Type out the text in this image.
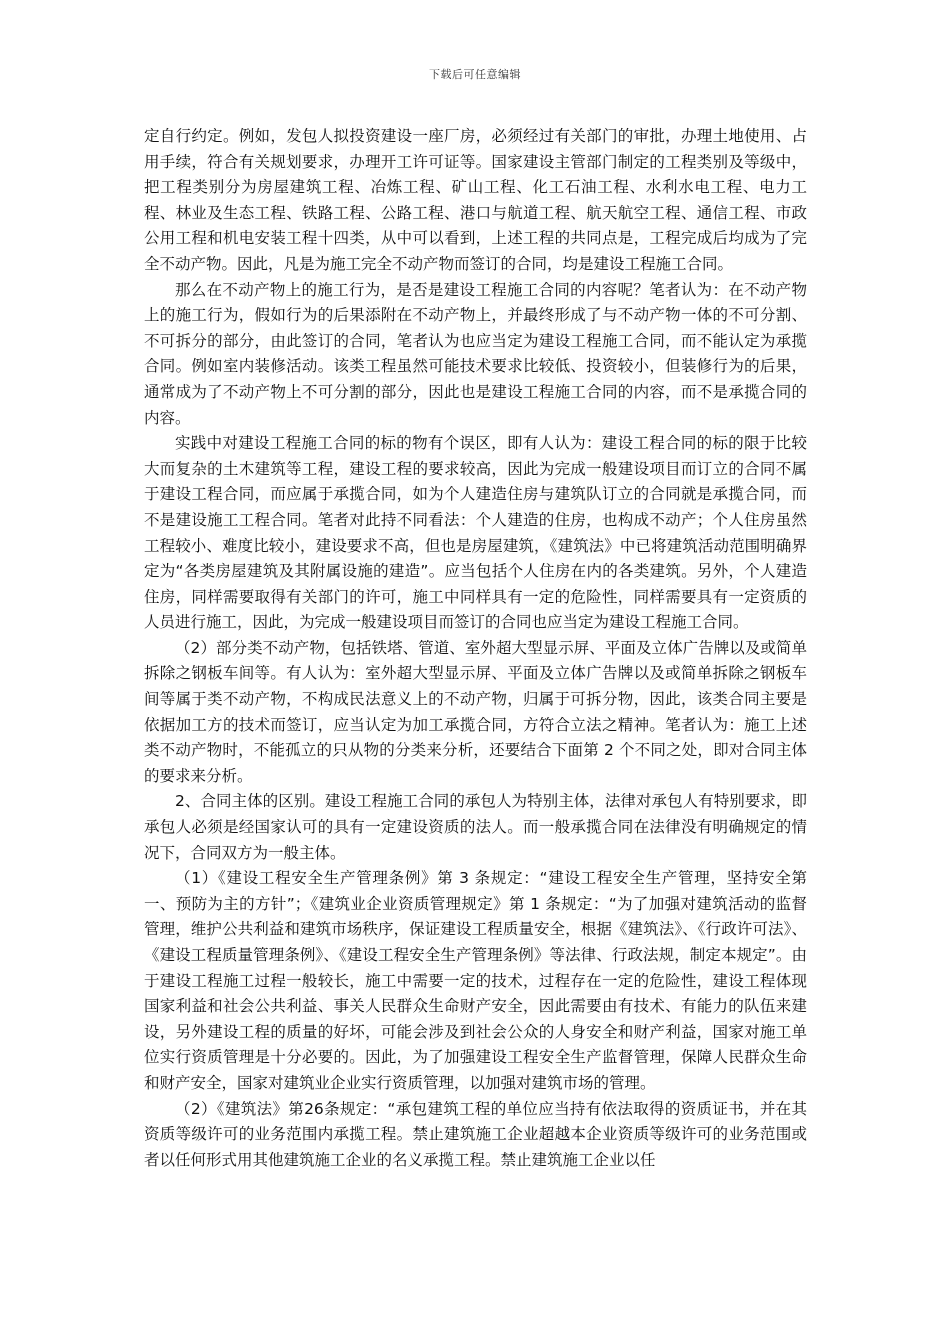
下载后可任意编辑

定自行约定。例如，发包人拟投资建设一座厂房，必须经过有关部门的审批，办理土地使用、占用手续，符合有关规划要求，办理开工许可证等。国家建设主管部门制定的工程类别及等级中，把工程类别分为房屋建筑工程、冶炼工程、矿山工程、化工石油工程、水利水电工程、电力工程、林业及生态工程、铁路工程、公路工程、港口与航道工程、航天航空工程、通信工程、市政公用工程和机电安装工程十四类，从中可以看到，上述工程的共同点是，工程完成后均成为了完全不动产物。因此，凡是为施工完全不动产物而签订的合同，均是建设工程施工合同。

那么在不动产物上的施工行为，是否是建设工程施工合同的内容呢？笔者认为：在不动产物上的施工行为，假如行为的后果添附在不动产物上，并最终形成了与不动产物一体的不可分割、不可拆分的部分，由此签订的合同，笔者认为也应当定为建设工程施工合同，而不能认定为承揽合同。例如室内装修活动。该类工程虽然可能技术要求比较低、投资较小，但装修行为的后果，通常成为了不动产物上不可分割的部分，因此也是建设工程施工合同的内容，而不是承揽合同的内容。

实践中对建设工程施工合同的标的物有个误区，即有人认为：建设工程合同的标的限于比较大而复杂的土木建筑等工程，建设工程的要求较高，因此为完成一般建设项目而订立的合同不属于建设工程合同，而应属于承揽合同，如为个人建造住房与建筑队订立的合同就是承揽合同，而不是建设施工工程合同。笔者对此持不同看法：个人建造的住房，也构成不动产；个人住房虽然工程较小、难度比较小，建设要求不高，但也是房屋建筑，《建筑法》中已将建筑活动范围明确界定为“各类房屋建筑及其附属设施的建造”。应当包括个人住房在内的各类建筑。另外，个人建造住房，同样需要取得有关部门的许可，施工中同样具有一定的危险性，同样需要具有一定资质的人员进行施工，因此，为完成一般建设项目而签订的合同也应当定为建设工程施工合同。

（2）部分类不动产物，包括铁塔、管道、室外超大型显示屏、平面及立体广告牌以及或简单拆除之钢板车间等。有人认为：室外超大型显示屏、平面及立体广告牌以及或简单拆除之钢板车间等属于类不动产物，不构成民法意义上的不动产物，归属于可拆分物，因此，该类合同主要是依据加工方的技术而签订，应当认定为加工承揽合同，方符合立法之精神。笔者认为：施工上述类不动产物时，不能孤立的只从物的分类来分析，还要结合下面第 2 个不同之处，即对合同主体的要求来分析。

2、合同主体的区别。建设工程施工合同的承包人为特别主体，法律对承包人有特别要求，即承包人必须是经国家认可的具有一定建设资质的法人。而一般承揽合同在法律没有明确规定的情况下，合同双方为一般主体。

（1）《建设工程安全生产管理条例》第 3 条规定：“建设工程安全生产管理，坚持安全第一、预防为主的方针”；《建筑业企业资质管理规定》第 1 条规定：“为了加强对建筑活动的监督管理，维护公共利益和建筑市场秩序，保证建设工程质量安全，根据《建筑法》、《行政许可法》、《建设工程质量管理条例》、《建设工程安全生产管理条例》等法律、行政法规，制定本规定”。由于建设工程施工过程一般较长，施工中需要一定的技术，过程存在一定的危险性，建设工程体现国家利益和社会公共利益、事关人民群众生命财产安全，因此需要由有技术、有能力的队伍来建设，另外建设工程的质量的好坏，可能会涉及到社会公众的人身安全和财产利益，国家对施工单位实行资质管理是十分必要的。因此，为了加强建设工程安全生产监督管理，保障人民群众生命和财产安全，国家对建筑业企业实行资质管理，以加强对建筑市场的管理。

（2）《建筑法》第26条规定：“承包建筑工程的单位应当持有依法取得的资质证书，并在其资质等级许可的业务范围内承揽工程。禁止建筑施工企业超越本企业资质等级许可的业务范围或者以任何形式用其他建筑施工企业的名义承揽工程。禁止建筑施工企业以任
